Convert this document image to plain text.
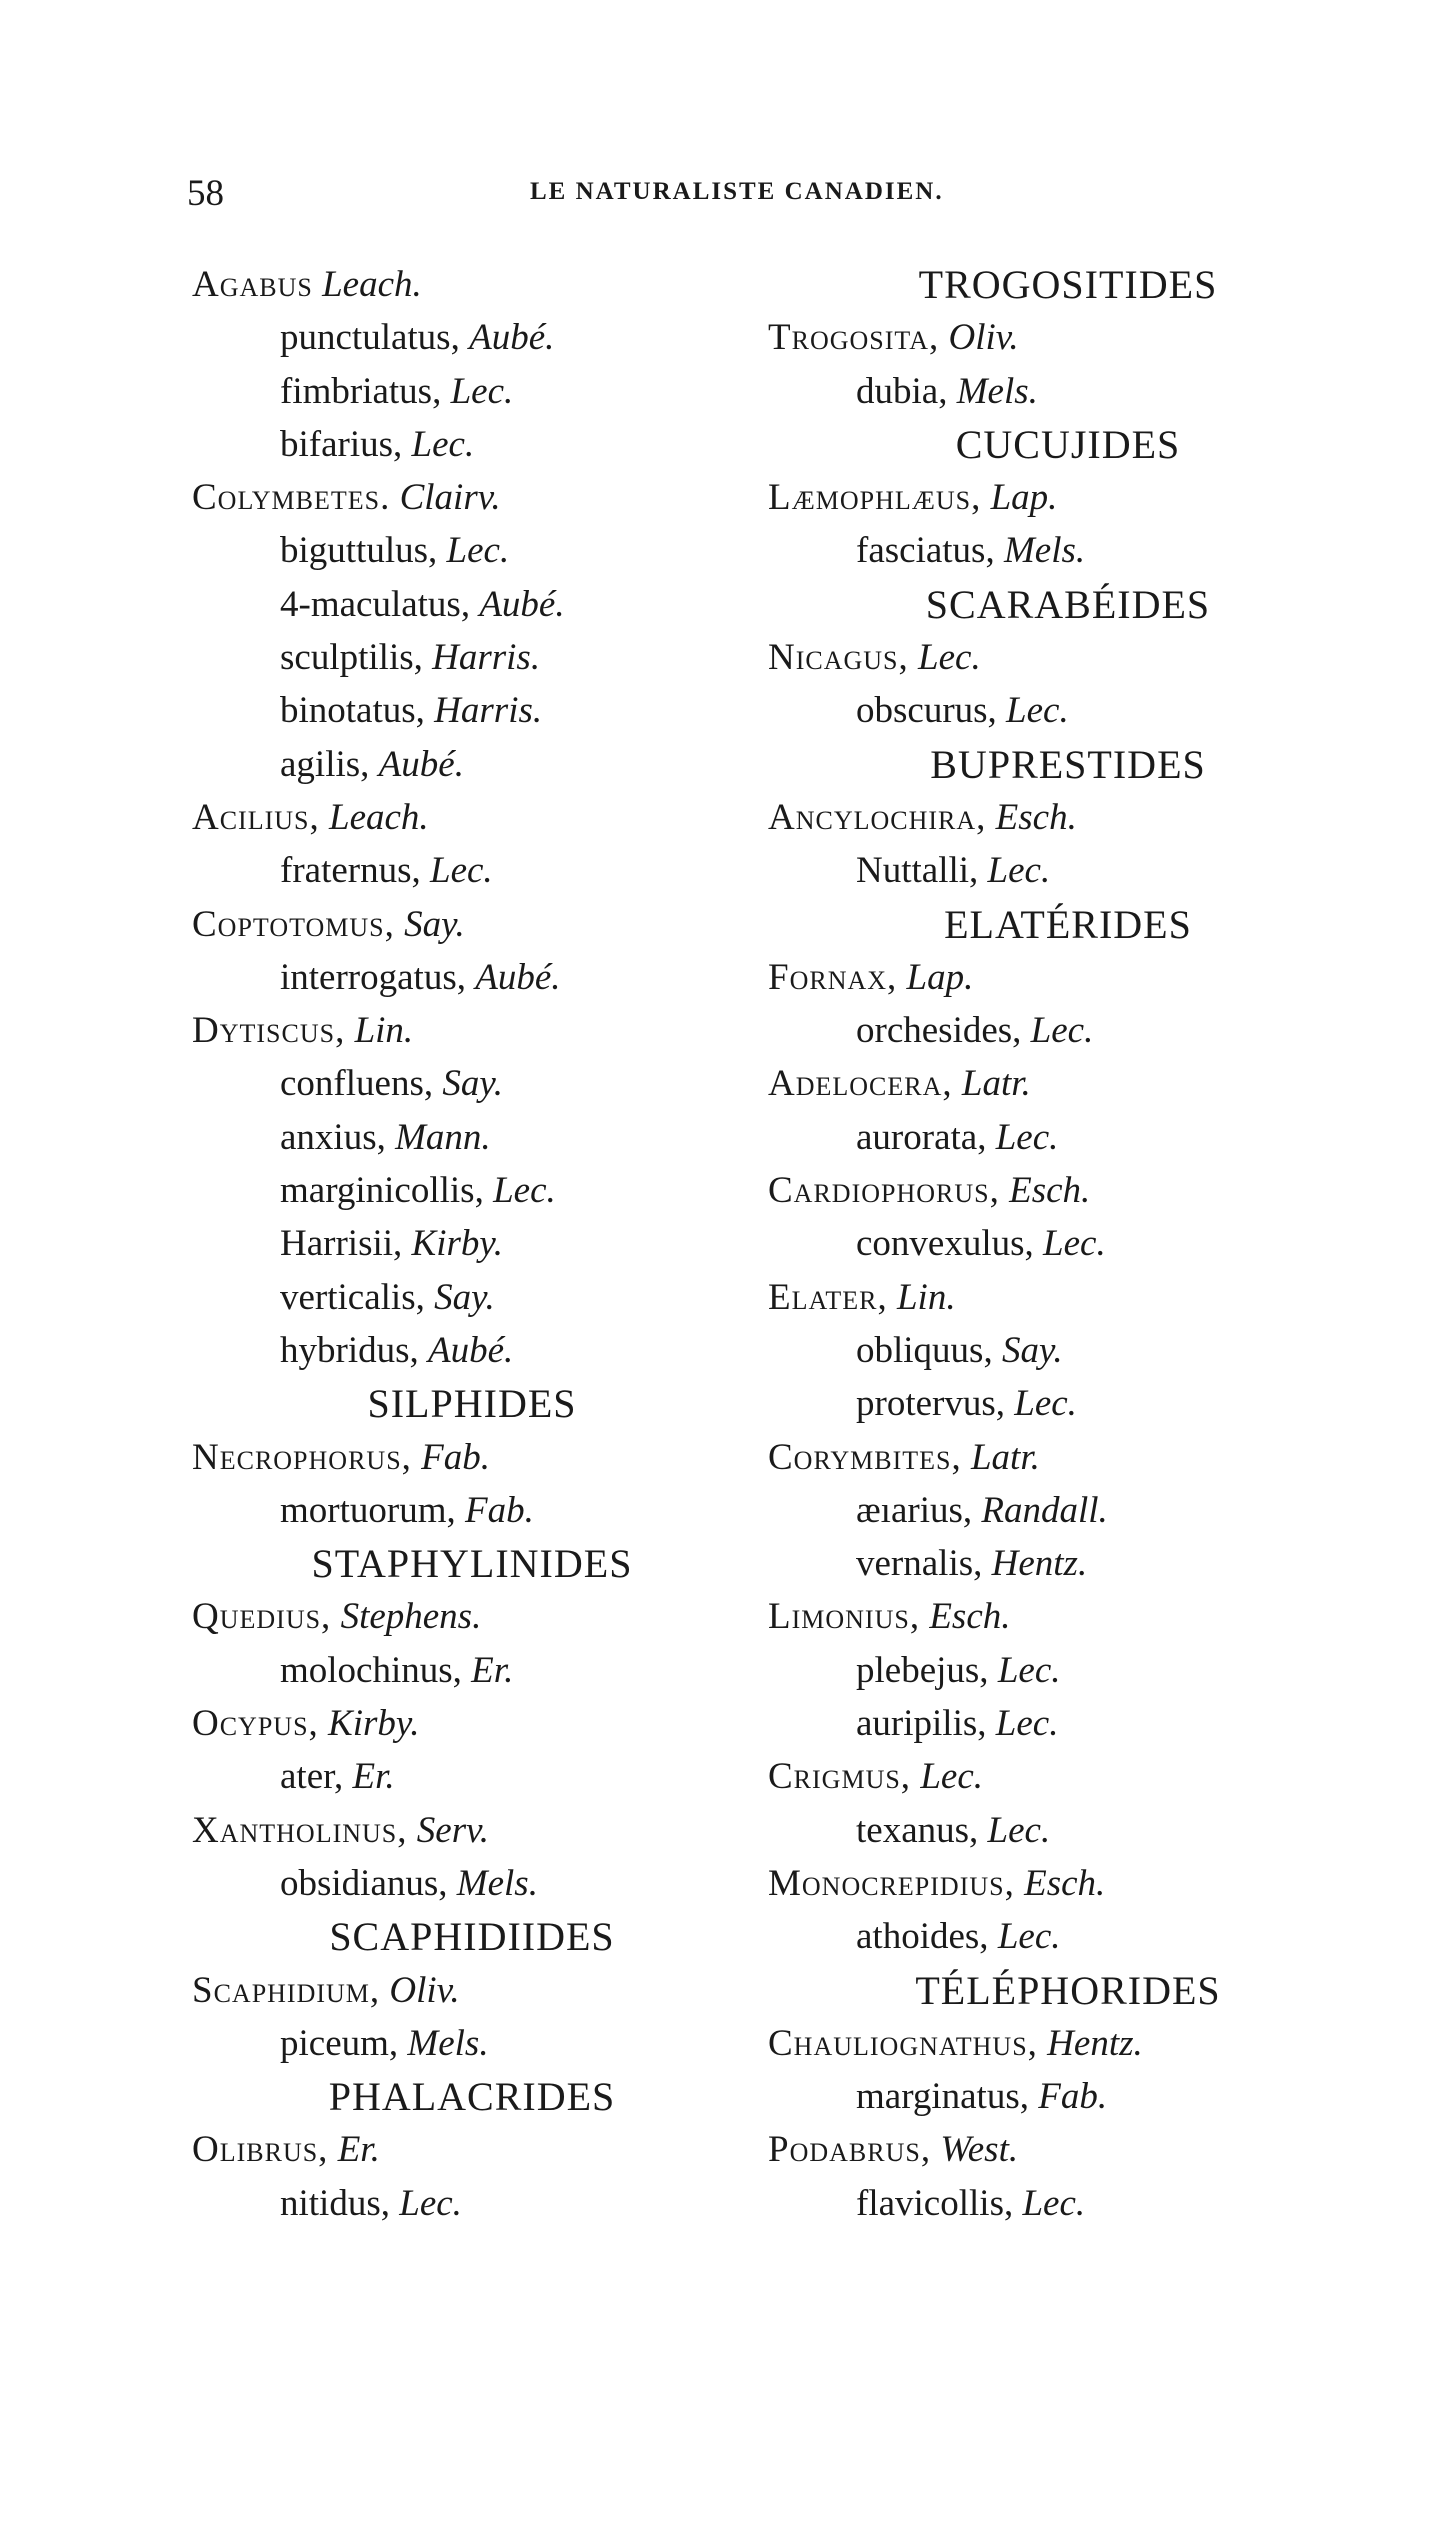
58	LE NATURALISTE CANADIEN.
Agabus Leach.
punctulatus, Aubé.
fimbriatus, Lec.
bifarius, Lec.
Colymbetes. Clairv.
biguttulus, Lec.
4-maculatus, Aubé.
sculptilis, Harris.
binotatus, Harris.
agilis, Aubé.
Acilius, Leach.
fraternus, Lec.
Coptotomus, Say.
interrogatus, Aubé.
Dytiscus, Lin.
confluens, Say.
anxius, Mann.
marginicollis, Lec.
Harrisii, Kirby.
verticalis, Say.
hybridus, Aubé.
SILPHIDES
Necrophorus, Fab.
mortuorum, Fab.
STAPHYLINIDES
Quedius, Stephens.
molochinus, Er.
Ocypus, Kirby.
ater, Er.
Xantholinus, Serv.
obsidianus, Mels.
SCAPHIDIIDES
Scaphidium, Oliv.
piceum, Mels.
PHALACRIDES
Olibrus, Er.
nitidus, Lec.
TROGOSITIDES
Trogosita, Oliv.
dubia, Mels.
CUCUJIDES
Læmophlæus, Lap.
fasciatus, Mels.
SCARABÉIDES
Nicagus, Lec.
obscurus, Lec.
BUPRESTIDES
Ancylochira, Esch.
Nuttalli, Lec.
ELATÉRIDES
Fornax, Lap.
orchesides, Lec.
Adelocera, Latr.
aurorata, Lec.
Cardiophorus, Esch.
convexulus, Lec.
Elater, Lin.
obliquus, Say.
protervus, Lec.
Corymbites, Latr.
æıarius, Randall.
vernalis, Hentz.
Limonius, Esch.
plebejus, Lec.
auripilis, Lec.
Crigmus, Lec.
texanus, Lec.
Monocrepidius, Esch.
athoides, Lec.
TÉLÉPHORIDES
Chauliognathus, Hentz.
marginatus, Fab.
Podabrus, West.
flavicollis, Lec.
